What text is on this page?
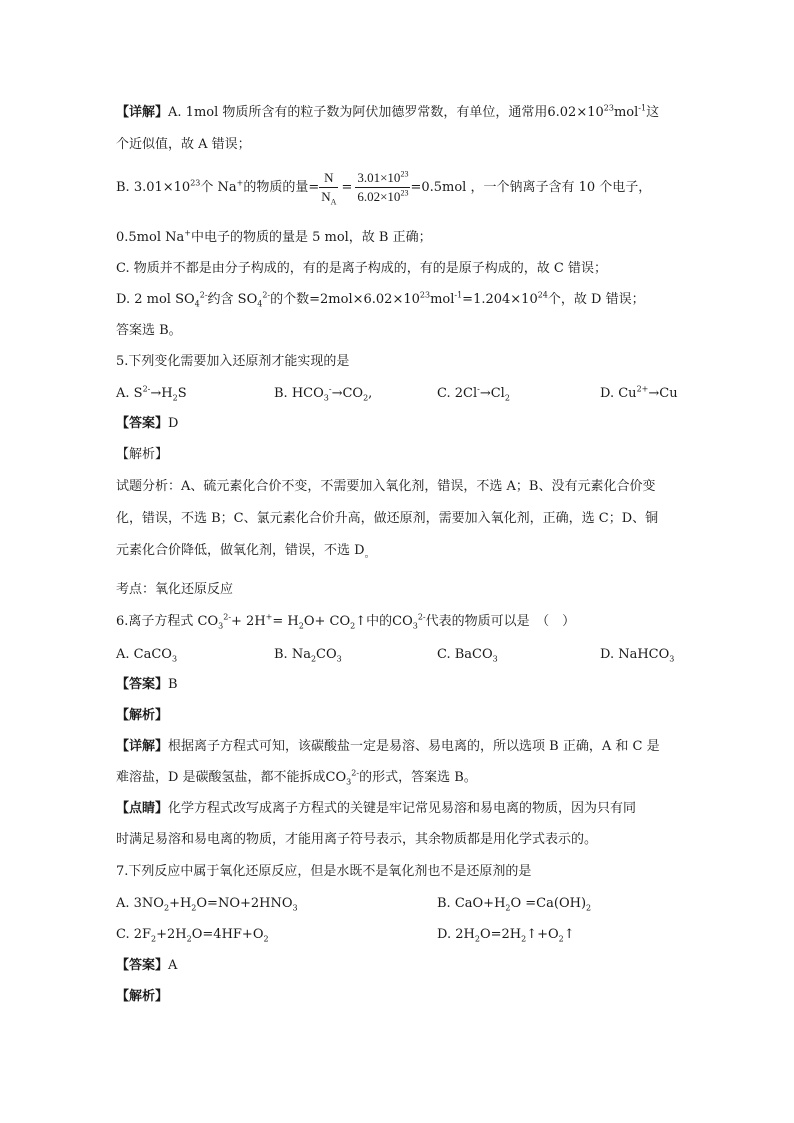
【详解】A. 1mol 物质所含有的粒子数为阿伏加德罗常数，有单位，通常用$6.02\times 10^{23}mol^{-1}$这
个近似值，故 A 错误；
B. $3.01\times 10^{23}$个 Na+的物质的量= $\frac{N}{N_A} = \frac{3.01\times 10^{23}}{6.02\times 10^{23}} =0.5mol$ ，一个钠离子含有 10 个电子，
0.5mol Na+中电子的物质的量是 5 mol，故 B 正确；
C. 物质并不都是由分子构成的，有的是离子构成的，有的是原子构成的，故 C 错误；
D. 2 mol $SO_4^{2-}$约含 $SO_4^{2-}$的个数$=2mol\times 6.02\times 10^{23}mol^{-1}=1.204\times 10^{24}$个，故 D 错误；
答案选 B。
5.下列变化需要加入还原剂才能实现的是
A. $S^{2-}\to H_2S$	B. $HCO_3^-\to CO_2$,	C. $2Cl^-\to Cl_2$	D. $Cu^{2+}\to Cu$
【答案】D
【解析】
试题分析：A、硫元素化合价不变，不需要加入氧化剂，错误，不选 A；B、没有元素化合价变
化，错误，不选 B；C、氯元素化合价升高，做还原剂，需要加入氧化剂，正确，选 C；D、铜
元素化合价降低，做氧化剂，错误，不选 $D_。$
考点：氧化还原反应
6.离子方程式 $CO_3^{2-}+ 2H^+= H_2O+$ $CO_2↑$中的$CO_3^{2-}$代表的物质可以是　（　）
A. CaCO$_3$	B. $Na_2CO_3$	C. BaCO$_3$	D. NaHCO$_3$
【答案】B
【解析】
【详解】根据离子方程式可知，该碳酸盐一定是易溶、易电离的，所以选项 B 正确，A 和 C 是
难溶盐，D 是碳酸氢盐，都不能拆成$CO_3^{2-}$的形式，答案选 B。
【点睛】化学方程式改写成离子方程式的关键是牢记常见易溶和易电离的物质，因为只有同
时满足易溶和易电离的物质，才能用离子符号表示，其余物质都是用化学式表示的。
7.下列反应中属于氧化还原反应，但是水既不是氧化剂也不是还原剂的是
A. $3NO_2+H_2O=NO+2HNO_3$	B. $CaO+H_2O =Ca(OH)_2$
C. $2F_2+2H_2O=4HF+O_2$	D. $2H_2O=2H_2↑+O_2↑$
【答案】A
【解析】
